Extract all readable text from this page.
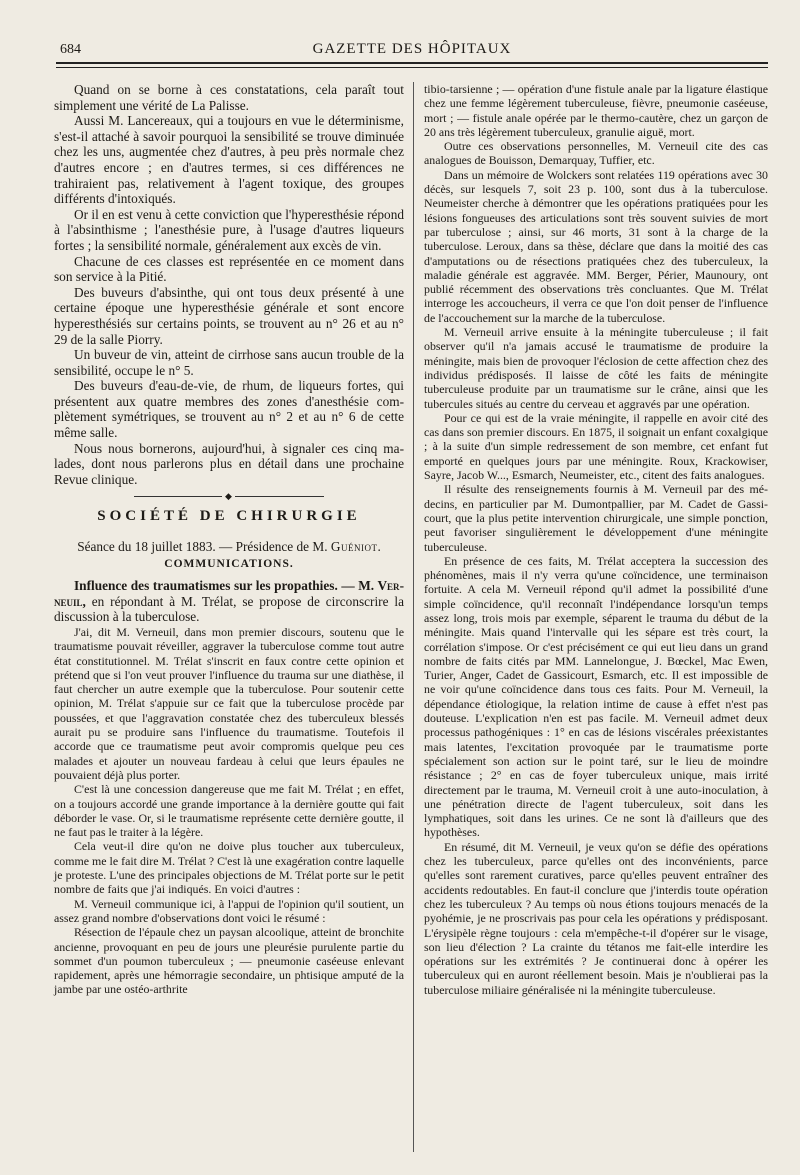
684	GAZETTE DES HÔPITAUX

Quand on se borne à ces constatations, cela paraît tout simplement une vérité de La Palisse.

Aussi M. Lancereaux, qui a toujours en vue le déterminisme, s'est-il attaché à savoir pourquoi la sensibilité se trouve diminuée chez les uns, augmentée chez d'autres, à peu près normale chez d'autres encore ; en d'autres termes, si ces différences ne trahiraient pas, relativement à l'agent toxique, des groupes différents d'intoxiqués.

Or il en est venu à cette conviction que l'hyperesthésie répond à l'absinthisme ; l'anesthésie pure, à l'usage d'autres liqueurs fortes ; la sensibilité normale, généralement aux excès de vin.

Chacune de ces classes est représentée en ce moment dans son service à la Pitié.

Des buveurs d'absinthe, qui ont tous deux présenté à une certaine époque une hyperesthésie générale et sont encore hyperesthésiés sur certains points, se trouvent au n° 26 et au n° 29 de la salle Piorry.

Un buveur de vin, atteint de cirrhose sans aucun trouble de la sensibilité, occupe le n° 5.

Des buveurs d'eau-de-vie, de rhum, de liqueurs fortes, qui présentent aux quatre membres des zones d'anesthésie complètement symétriques, se trouvent au n° 2 et au n° 6 de cette même salle.

Nous nous bornerons, aujourd'hui, à signaler ces cinq malades, dont nous parlerons plus en détail dans une prochaine Revue clinique.

◆
SOCIÉTÉ DE CHIRURGIE
Séance du 18 juillet 1883. — Présidence de M. Guéniot.
COMMUNICATIONS.

Influence des traumatismes sur les propathies. — M. Verneuil, en répondant à M. Trélat, se propose de circonscrire la discussion à la tuberculose.

J'ai, dit M. Verneuil, dans mon premier discours, soutenu que le traumatisme pouvait réveiller, aggraver la tuberculose comme tout autre état constitutionnel. M. Trélat s'inscrit en faux contre cette opinion et prétend que si l'on veut prouver l'influence du trauma sur une diathèse, il faut chercher un autre exemple que la tuberculose. Pour soutenir cette opinion, M. Trélat s'appuie sur ce fait que la tuberculose procède par poussées, et que l'aggravation constatée chez des tuberculeux blessés aurait pu se produire sans l'influence du traumatisme. Toutefois il accorde que ce traumatisme peut avoir compromis quelque peu ces malades et ajouter un nouveau fardeau à celui que leurs épaules ne pouvaient déjà plus porter.

C'est là une concession dangereuse que me fait M. Trélat ; en effet, on a toujours accordé une grande importance à la dernière goutte qui fait déborder le vase. Or, si le traumatisme représente cette dernière goutte, il ne faut pas le traiter à la légère.

Cela veut-il dire qu'on ne doive plus toucher aux tuberculeux, comme me le fait dire M. Trélat ? C'est là une exagération contre laquelle je proteste. L'une des principales objections de M. Trélat porte sur le petit nombre de faits que j'ai indiqués. En voici d'autres :

M. Verneuil communique ici, à l'appui de l'opinion qu'il soutient, un assez grand nombre d'observations dont voici le résumé :

Résection de l'épaule chez un paysan alcoolique, atteint de bronchite ancienne, provoquant en peu de jours une pleurésie purulente partie du sommet d'un poumon tuberculeux ; — pneumonie caséeuse enlevant rapidement, après une hémorragie secondaire, un phtisique amputé de la jambe par une ostéo-arthrite

tibio-tarsienne ; — opération d'une fistule anale par la ligature élastique chez une femme légèrement tuberculeuse, fièvre, pneumonie caséeuse, mort ; — fistule anale opérée par le thermo-cautère, chez un garçon de 20 ans très légèrement tuberculeux, granulie aiguë, mort.

Outre ces observations personnelles, M. Verneuil cite des cas analogues de Bouisson, Demarquay, Tuffier, etc.

Dans un mémoire de Wolckers sont relatées 119 opérations avec 30 décès, sur lesquels 7, soit 23 p. 100, sont dus à la tuberculose. Neumeister cherche à démontrer que les opérations pratiquées pour les lésions fongueuses des articulations sont très souvent suivies de mort par tuberculose ; ainsi, sur 46 morts, 31 sont à la charge de la tuberculose. Leroux, dans sa thèse, déclare que dans la moitié des cas d'amputations ou de résections pratiquées chez des tuberculeux, la maladie générale est aggravée. MM. Berger, Périer, Maunoury, ont publié récemment des observations très concluantes. Que M. Trélat interroge les accoucheurs, il verra ce que l'on doit penser de l'influence de l'accouchement sur la marche de la tuberculose.

M. Verneuil arrive ensuite à la méningite tuberculeuse ; il fait observer qu'il n'a jamais accusé le traumatisme de produire la méningite, mais bien de provoquer l'éclosion de cette affection chez des individus prédisposés. Il laisse de côté les faits de méningite tuberculeuse produite par un traumatisme sur le crâne, ainsi que les tubercules situés au centre du cerveau et aggravés par une opération.

Pour ce qui est de la vraie méningite, il rappelle en avoir cité des cas dans son premier discours. En 1875, il soignait un enfant coxalgique ; à la suite d'un simple redressement de son membre, cet enfant fut emporté en quelques jours par une méningite. Roux, Krackowiser, Sayre, Jacob W..., Esmarch, Neumeister, etc., citent des faits analogues.

Il résulte des renseignements fournis à M. Verneuil par des médecins, en particulier par M. Dumontpallier, par M. Cadet de Gassicourt, que la plus petite intervention chirurgicale, une simple ponction, peut favoriser singulièrement le développement d'une méningite tuberculeuse.

En présence de ces faits, M. Trélat acceptera la succession des phénomènes, mais il n'y verra qu'une coïncidence, une terminaison fortuite. A cela M. Verneuil répond qu'il admet la possibilité d'une simple coïncidence, qu'il reconnaît l'indépendance lorsqu'un temps assez long, trois mois par exemple, séparent le trauma du début de la méningite. Mais quand l'intervalle qui les sépare est très court, la corrélation s'impose. Or c'est précisément ce qui eut lieu dans un grand nombre de faits cités par MM. Lannelongue, J. Bœckel, Mac Ewen, Turier, Anger, Cadet de Gassicourt, Esmarch, etc. Il est impossible de ne voir qu'une coïncidence dans tous ces faits. Pour M. Verneuil, la dépendance étiologique, la relation intime de cause à effet n'est pas douteuse. L'explication n'en est pas facile. M. Verneuil admet deux processus pathogéniques : 1° en cas de lésions viscérales préexistantes mais latentes, l'excitation provoquée par le traumatisme porte spécialement son action sur le point taré, sur le lieu de moindre résistance ; 2° en cas de foyer tuberculeux unique, mais irrité directement par le trauma, M. Verneuil croit à une auto-inoculation, à une pénétration directe de l'agent tuberculeux, soit dans les lymphatiques, soit dans les urines. Ce ne sont là d'ailleurs que des hypothèses.

En résumé, dit M. Verneuil, je veux qu'on se défie des opérations chez les tuberculeux, parce qu'elles ont des inconvénients, parce qu'elles sont rarement curatives, parce qu'elles peuvent entraîner des accidents redoutables. En faut-il conclure que j'interdis toute opération chez les tuberculeux ? Au temps où nous étions toujours menacés de la pyohémie, je ne proscrivais pas pour cela les opérations y prédisposant. L'érysipèle règne toujours : cela m'empêche-t-il d'opérer sur le visage, son lieu d'élection ? La crainte du tétanos me fait-elle interdire les opérations sur les extrémités ? Je continuerai donc à opérer les tuberculeux qui en auront réellement besoin. Mais je n'oublierai pas la tuberculose miliaire généralisée ni la méningite tuberculeuse.
